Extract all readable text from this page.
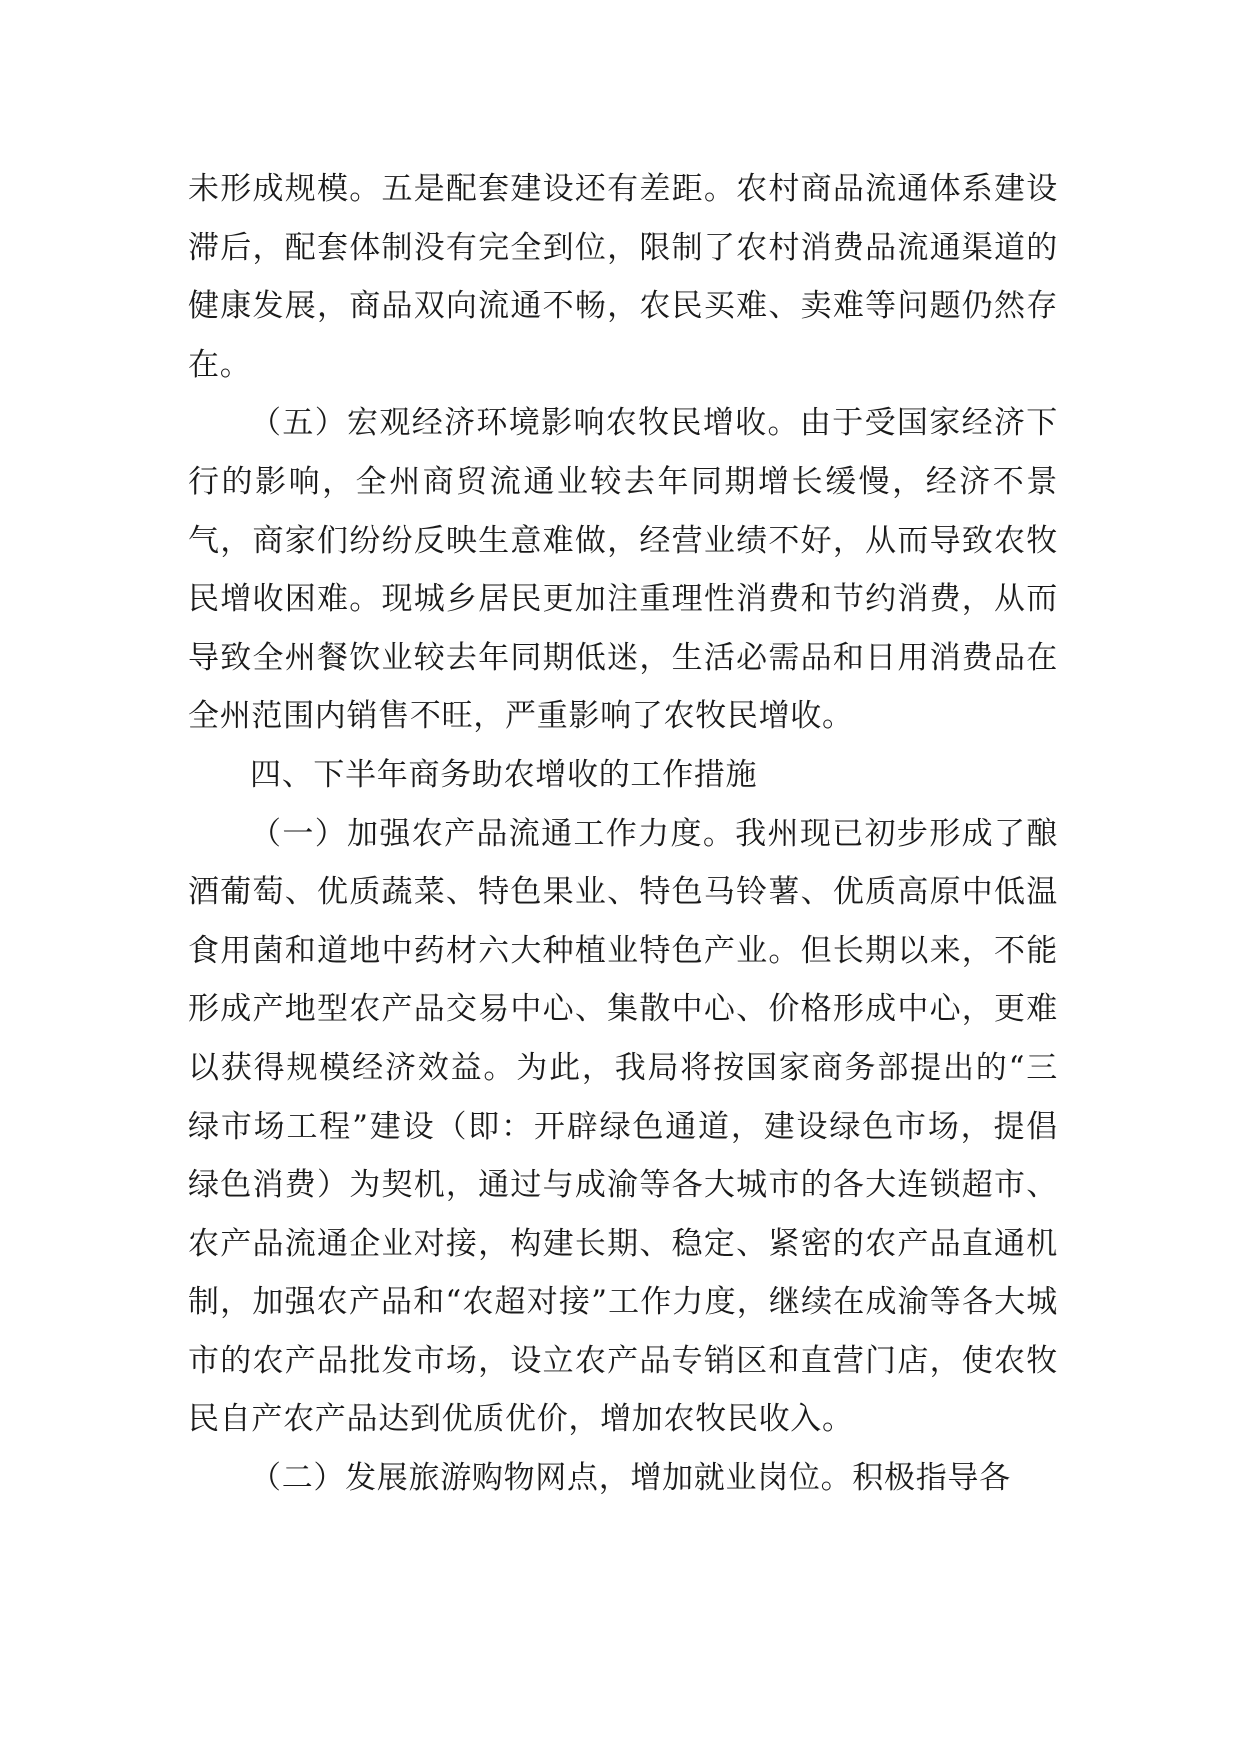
未形成规模。五是配套建设还有差距。农村商品流通体系建设滞后，配套体制没有完全到位，限制了农村消费品流通渠道的健康发展，商品双向流通不畅，农民买难、卖难等问题仍然存在。

（五）宏观经济环境影响农牧民增收。由于受国家经济下行的影响，全州商贸流通业较去年同期增长缓慢，经济不景气，商家们纷纷反映生意难做，经营业绩不好，从而导致农牧民增收困难。现城乡居民更加注重理性消费和节约消费，从而导致全州餐饮业较去年同期低迷，生活必需品和日用消费品在全州范围内销售不旺，严重影响了农牧民增收。

四、下半年商务助农增收的工作措施

（一）加强农产品流通工作力度。我州现已初步形成了酿酒葡萄、优质蔬菜、特色果业、特色马铃薯、优质高原中低温食用菌和道地中药材六大种植业特色产业。但长期以来，不能形成产地型农产品交易中心、集散中心、价格形成中心，更难以获得规模经济效益。为此，我局将按国家商务部提出的“三绿市场工程”建设（即：开辟绿色通道，建设绿色市场，提倡绿色消费）为契机，通过与成渝等各大城市的各大连锁超市、农产品流通企业对接，构建长期、稳定、紧密的农产品直通机制，加强农产品和“农超对接”工作力度，继续在成渝等各大城市的农产品批发市场，设立农产品专销区和直营门店，使农牧民自产农产品达到优质优价，增加农牧民收入。

（二）发展旅游购物网点，增加就业岗位。积极指导各
